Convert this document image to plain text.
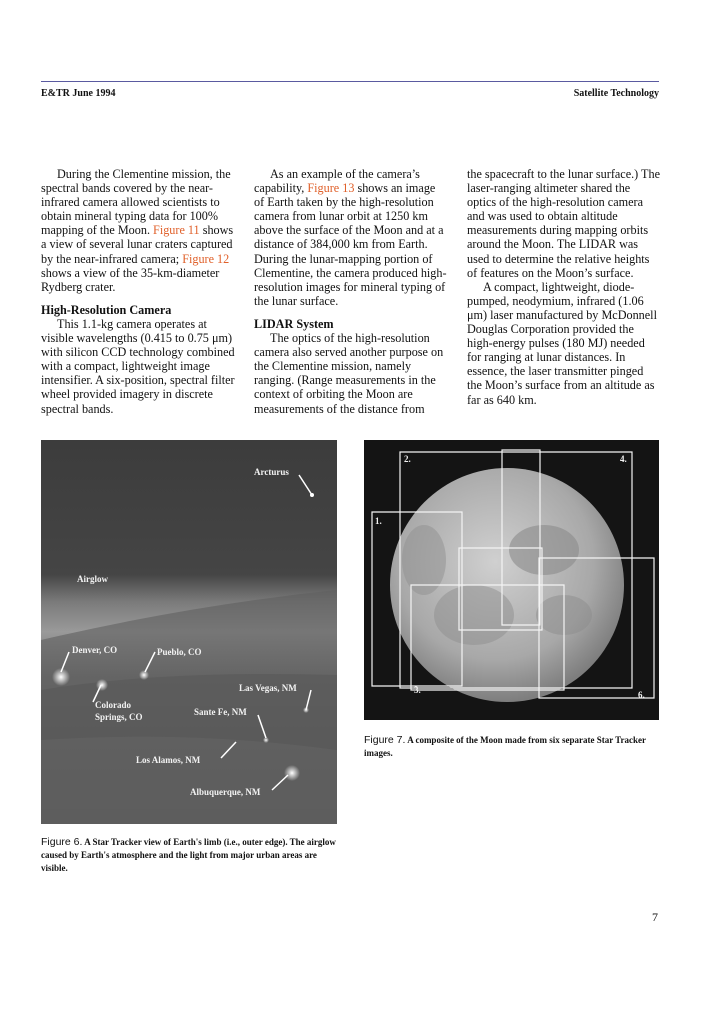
E&TR June 1994	Satellite Technology

During the Clementine mission, the spectral bands covered by the near-infrared camera allowed scientists to obtain mineral typing data for 100% mapping of the Moon. Figure 11 shows a view of several lunar craters captured by the near-infrared camera; Figure 12 shows a view of the 35-km-diameter Rydberg crater.

High-Resolution Camera

This 1.1-kg camera operates at visible wavelengths (0.415 to 0.75 μm) with silicon CCD technology combined with a compact, lightweight image intensifier. A six-position, spectral filter wheel provided imagery in discrete spectral bands.

As an example of the camera’s capability, Figure 13 shows an image of Earth taken by the high-resolution camera from lunar orbit at 1250 km above the surface of the Moon and at a distance of 384,000 km from Earth. During the lunar-mapping portion of Clementine, the camera produced high-resolution images for mineral typing of the lunar surface.

LIDAR System

The optics of the high-resolution camera also served another purpose on the Clementine mission, namely ranging. (Range measurements in the context of orbiting the Moon are measurements of the distance from

the spacecraft to the lunar surface.) The laser-ranging altimeter shared the optics of the high-resolution camera and was used to obtain altitude measurements during mapping orbits around the Moon. The LIDAR was used to determine the relative heights of features on the Moon’s surface.

A compact, lightweight, diode-pumped, neodymium, infrared (1.06 μm) laser manufactured by McDonnell Douglas Corporation provided the high-energy pulses (180 MJ) needed for ranging at lunar distances. In essence, the laser transmitter pinged the Moon’s surface from an altitude as far as 640 km.

Arcturus
Airglow
Denver, CO	Pueblo, CO
Las Vegas, NM
Colorado
Springs, CO	Sante Fe, NM
Los Alamos, NM
Albuquerque, NM
Figure 6. A Star Tracker view of Earth's limb (i.e., outer edge). The airglow caused by Earth's atmosphere and the light from major urban areas are visible.
2.	4.
1.
3.	6.
Figure 7. A composite of the Moon made from six separate Star Tracker images.
7
